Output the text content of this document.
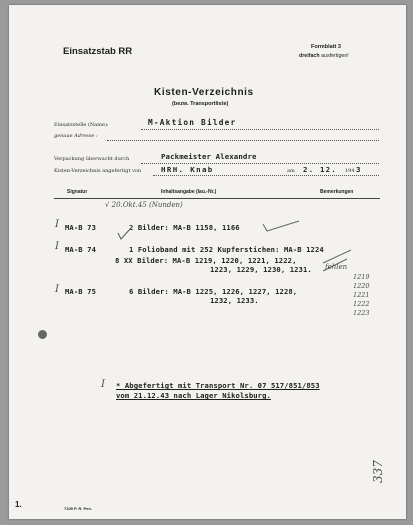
Einsatzstab RR	Formblatt 3
dreifach ausfertigen!
Kisten-Verzeichnis
(bezw. Transportliste)
Einsatzstelle (Name):	M-Aktion Bilder
genaue Adresse :
Verpackung überwacht durch	Packmeister Alexandre
Kisten-Verzeichnis angefertigt von	HRH. Knab	am 2. 12. 194 3
Signatur	Inhaltsangabe (lau.-Nr.)	Bemerkungen
√ 20.Okt.45 (Nunden)
I
I
I
MA-B 73	2 Bilder: MA-B 1158, 1166
MA-B 74	1 Folioband mit 252 Kupferstichen: MA-B 1224
8 XX Bilder: MA-B 1219, 1220, 1221, 1222,
1223, 1229, 1230, 1231. fehlen
1219
1220
1221
1222
1223
MA-B 75	6 Bilder: MA-B 1225, 1226, 1227, 1228,
1232, 1233.
I * Abgefertigt mit Transport Nr. 07 517/851/853
vom 21.12.43 nach Lager Nikolsburg.
337
7109 P. R. Pen.
1.
